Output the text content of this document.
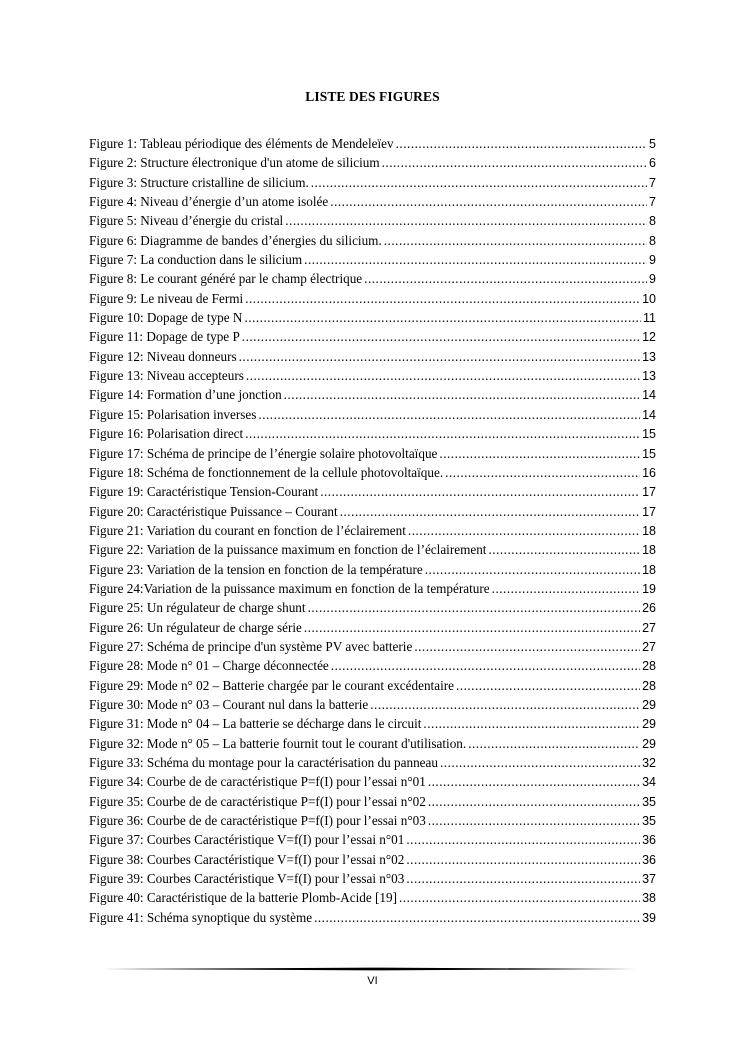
LISTE DES FIGURES
Figure 1: Tableau périodique des éléments de Mendeleïev .....	5
Figure 2: Structure électronique d'un atome de silicium .....	6
Figure 3: Structure cristalline de silicium. .....	7
Figure 4: Niveau d’énergie d’un atome isolée .....	7
Figure 5: Niveau d’énergie du cristal .....	8
Figure 6: Diagramme de bandes d’énergies du silicium. .....	8
Figure 7: La conduction dans le silicium .....	9
Figure 8: Le courant généré par le champ électrique .....	9
Figure 9: Le niveau de Fermi .....	10
Figure 10: Dopage de type N .....	11
Figure 11: Dopage de type P .....	12
Figure 12: Niveau donneurs .....	13
Figure 13: Niveau accepteurs .....	13
Figure 14: Formation d’une jonction .....	14
Figure 15: Polarisation inverses .....	14
Figure 16: Polarisation direct .....	15
Figure 17: Schéma de principe de l’énergie solaire photovoltaïque .....	15
Figure 18: Schéma de fonctionnement de la cellule photovoltaïque. .....	16
Figure 19: Caractéristique Tension-Courant .....	17
Figure 20: Caractéristique Puissance – Courant .....	17
Figure 21: Variation du courant en fonction de l’éclairement .....	18
Figure 22: Variation de la puissance maximum en fonction de l’éclairement .....	18
Figure 23: Variation de la tension en fonction de la température .....	18
Figure 24:Variation de la puissance maximum en fonction de la température .....	19
Figure 25: Un régulateur de charge shunt .....	26
Figure 26: Un régulateur de charge série .....	27
Figure 27: Schéma de principe d'un système PV avec batterie .....	27
Figure 28: Mode n° 01 – Charge déconnectée .....	28
Figure 29: Mode n° 02 – Batterie chargée par le courant excédentaire .....	28
Figure 30: Mode n° 03 – Courant nul dans la batterie .....	29
Figure 31: Mode n° 04 – La batterie se décharge dans le circuit .....	29
Figure 32: Mode n° 05 – La batterie fournit tout le courant d'utilisation. .....	29
Figure 33: Schéma du montage pour la caractérisation du panneau .....	32
Figure 34: Courbe de de caractéristique P=f(I) pour l’essai n°01 .....	34
Figure 35: Courbe de de caractéristique P=f(I) pour l’essai n°02 .....	35
Figure 36: Courbe de de caractéristique P=f(I) pour l’essai n°03 .....	35
Figure 37: Courbes Caractéristique V=f(I) pour l’essai n°01 .....	36
Figure 38: Courbes Caractéristique V=f(I) pour l’essai n°02 .....	36
Figure 39: Courbes Caractéristique V=f(I) pour l’essai n°03 .....	37
Figure 40: Caractéristique de la batterie Plomb-Acide [19] .....	38
Figure 41: Schéma synoptique du système .....	39
VI
